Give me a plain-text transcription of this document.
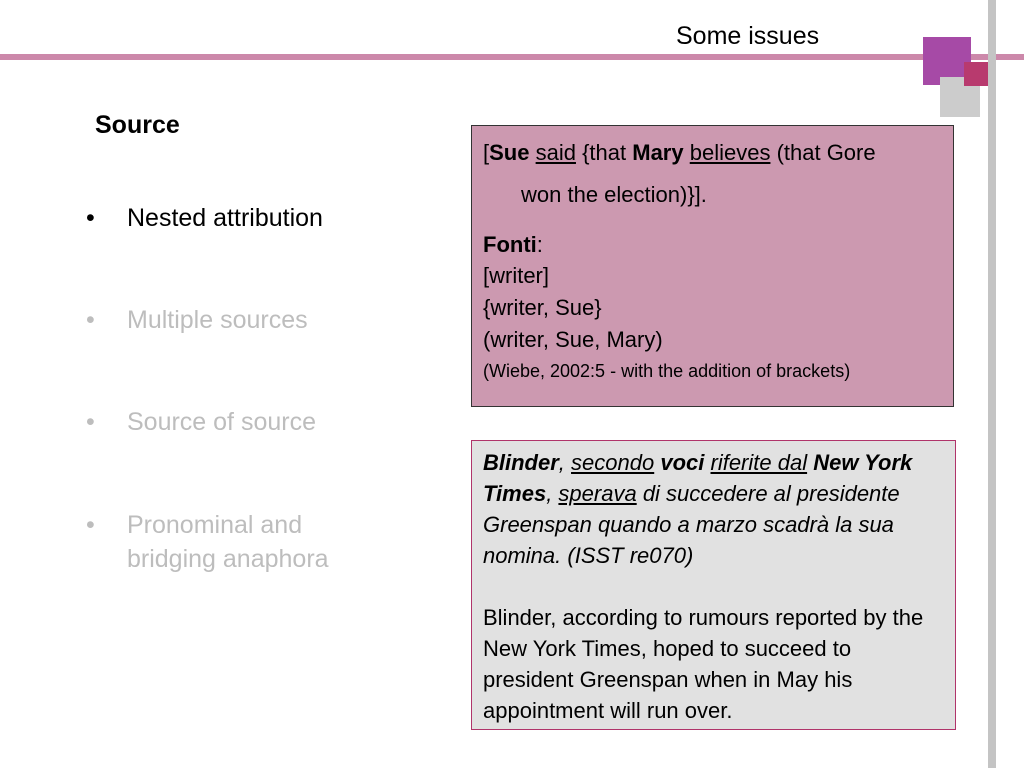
Some issues
Source
•	Nested attribution
•	Multiple sources
•	Source of source
•	Pronominal and bridging anaphora
[Sue said {that Mary believes (that Gore
won the election)}].
Fonti:
[writer]
{writer, Sue}
(writer, Sue, Mary)
(Wiebe, 2002:5 - with the addition of brackets)
Blinder, secondo voci riferite dal New York Times, sperava di succedere al presidente Greenspan quando a marzo scadrà la sua nomina. (ISST re070)
Blinder, according to rumours reported by the New York Times, hoped to succeed to president Greenspan when in May his appointment will run over.
